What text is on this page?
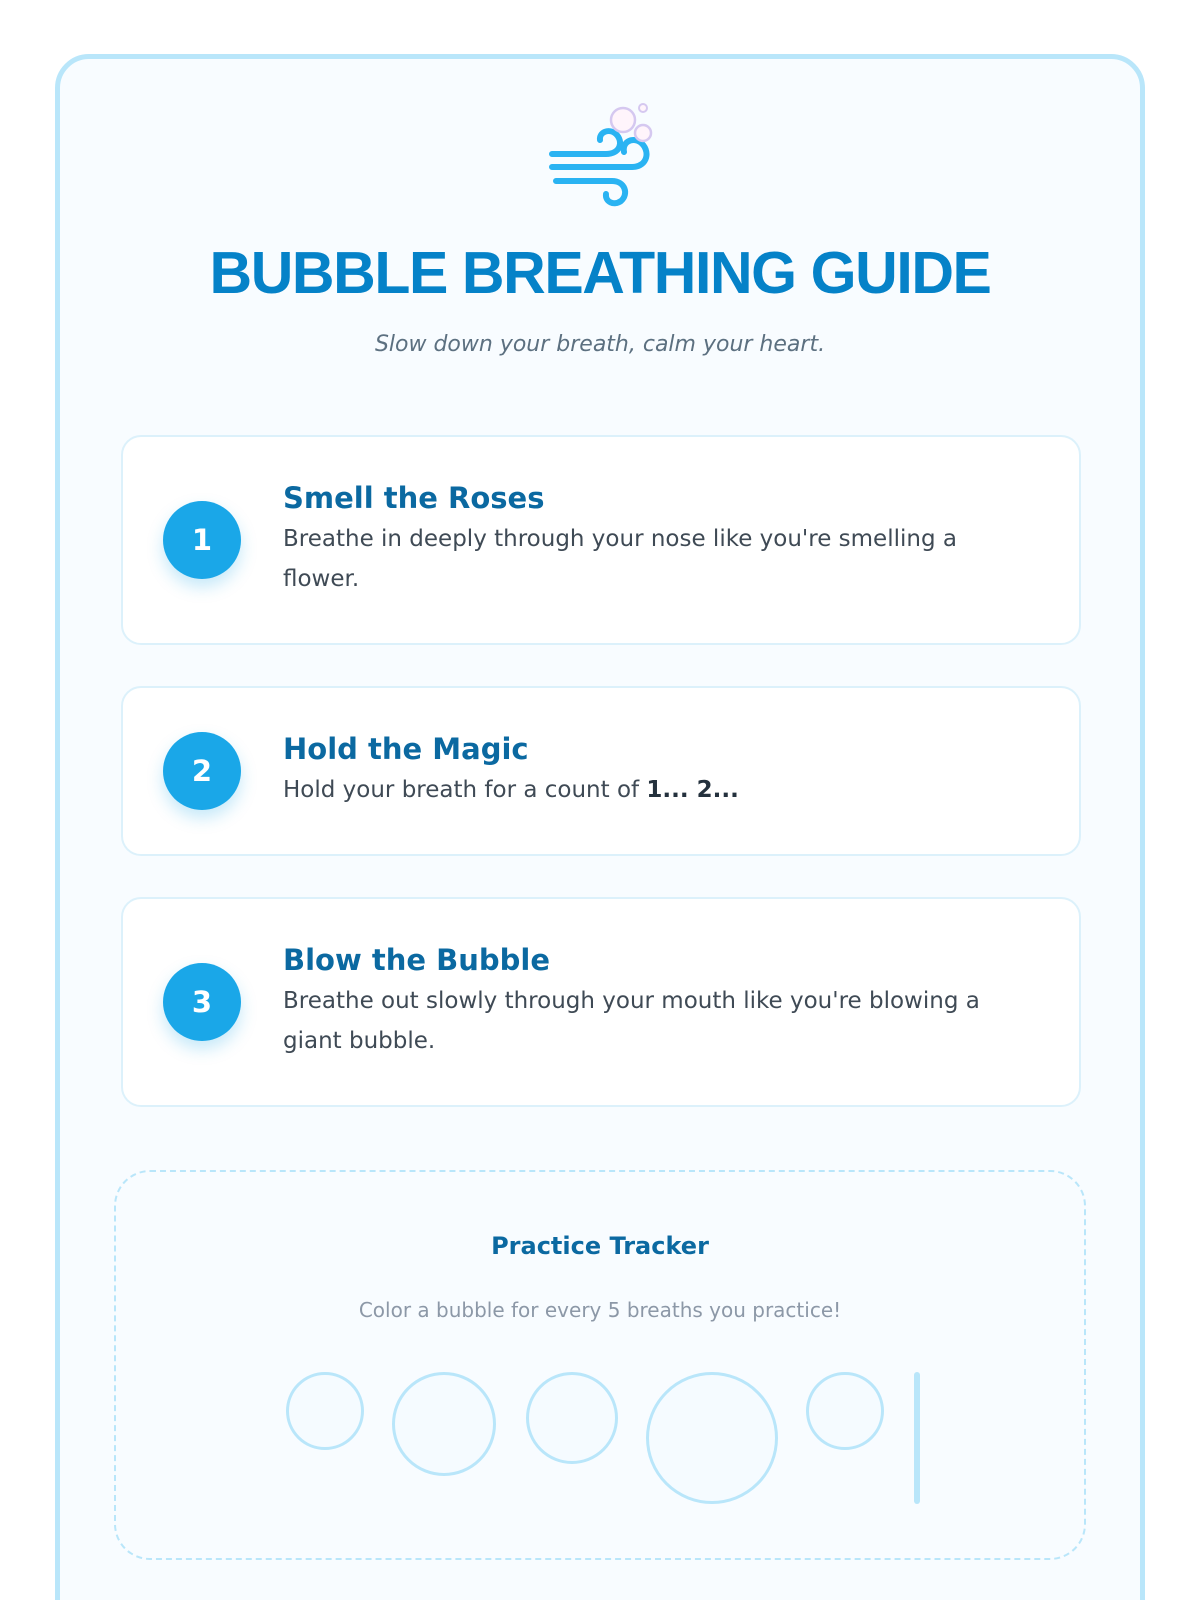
BUBBLE BREATHING GUIDE
Slow down your breath, calm your heart.
1
Smell the Roses
Breathe in deeply through your nose like you're smelling a flower.
2
Hold the Magic
Hold your breath for a count of 1... 2...
3
Blow the Bubble
Breathe out slowly through your mouth like you're blowing a giant bubble.
Practice Tracker
Color a bubble for every 5 breaths you practice!
